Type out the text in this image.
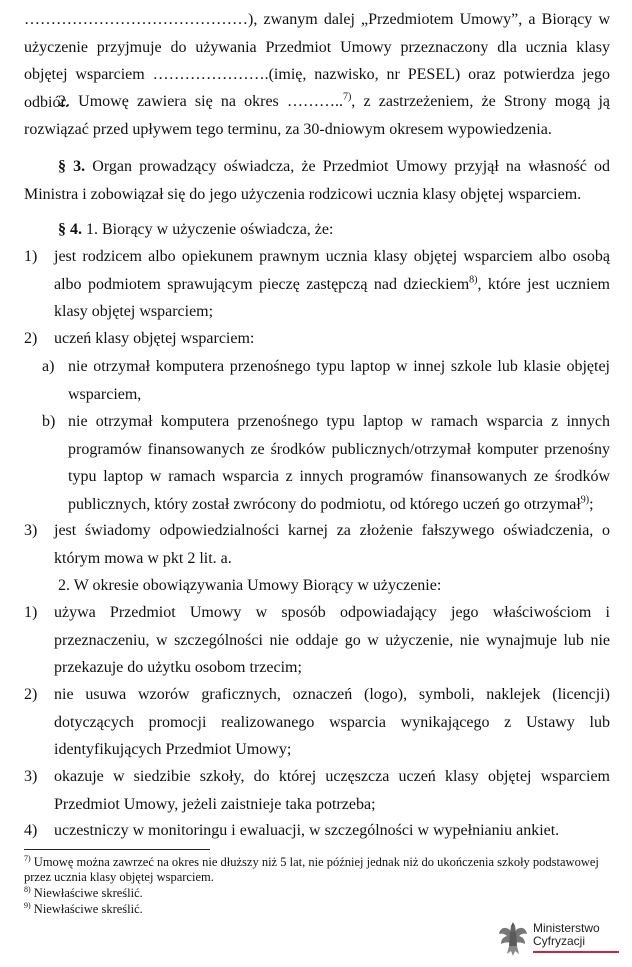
……………………………………), zwanym dalej „Przedmiotem Umowy”, a Biorący w użyczenie przyjmuje do używania Przedmiot Umowy przeznaczony dla ucznia klasy objętej wsparciem ………………….(imię, nazwisko, nr PESEL) oraz potwierdza jego odbiór.

2. Umowę zawiera się na okres ………..$^{7)}$, z zastrzeżeniem, że Strony mogą ją rozwiązać przed upływem tego terminu, za 30-dniowym okresem wypowiedzenia.

§ 3. Organ prowadzący oświadcza, że Przedmiot Umowy przyjął na własność od Ministra i zobowiązał się do jego użyczenia rodzicowi ucznia klasy objętej wsparciem.

§ 4. 1. Biorący w użyczenie oświadcza, że:

1) jest rodzicem albo opiekunem prawnym ucznia klasy objętej wsparciem albo osobą albo podmiotem sprawującym pieczę zastępczą nad dzieckiem$^{8)}$, które jest uczniem klasy objętej wsparciem;
2) uczeń klasy objętej wsparciem:
a) nie otrzymał komputera przenośnego typu laptop w innej szkole lub klasie objętej wsparciem,
b) nie otrzymał komputera przenośnego typu laptop w ramach wsparcia z innych programów finansowanych ze środków publicznych/otrzymał komputer przenośny typu laptop w ramach wsparcia z innych programów finansowanych ze środków publicznych, który został zwrócony do podmiotu, od którego uczeń go otrzymał$^{9)}$;
3) jest świadomy odpowiedzialności karnej za złożenie fałszywego oświadczenia, o którym mowa w pkt 2 lit. a.

2. W okresie obowiązywania Umowy Biorący w użyczenie:

1) używa Przedmiot Umowy w sposób odpowiadający jego właściwościom i przeznaczeniu, w szczególności nie oddaje go w użyczenie, nie wynajmuje lub nie przekazuje do użytku osobom trzecim;
2) nie usuwa wzorów graficznych, oznaczeń (logo), symboli, naklejek (licencji) dotyczących promocji realizowanego wsparcia wynikającego z Ustawy lub identyfikujących Przedmiot Umowy;
3) okazuje w siedzibie szkoły, do której uczęszcza uczeń klasy objętej wsparciem Przedmiot Umowy, jeżeli zaistnieje taka potrzeba;
4) uczestniczy w monitoringu i ewaluacji, w szczególności w wypełnianiu ankiet.
$^{7)}$ Umowę można zawrzeć na okres nie dłuższy niż 5 lat, nie później jednak niż do ukończenia szkoły podstawowej przez ucznia klasy objętej wsparciem.
$^{8)}$ Niewłaściwe skreślić.
$^{9)}$ Niewłaściwe skreślić.
Ministerstwo
Cyfryzacji
